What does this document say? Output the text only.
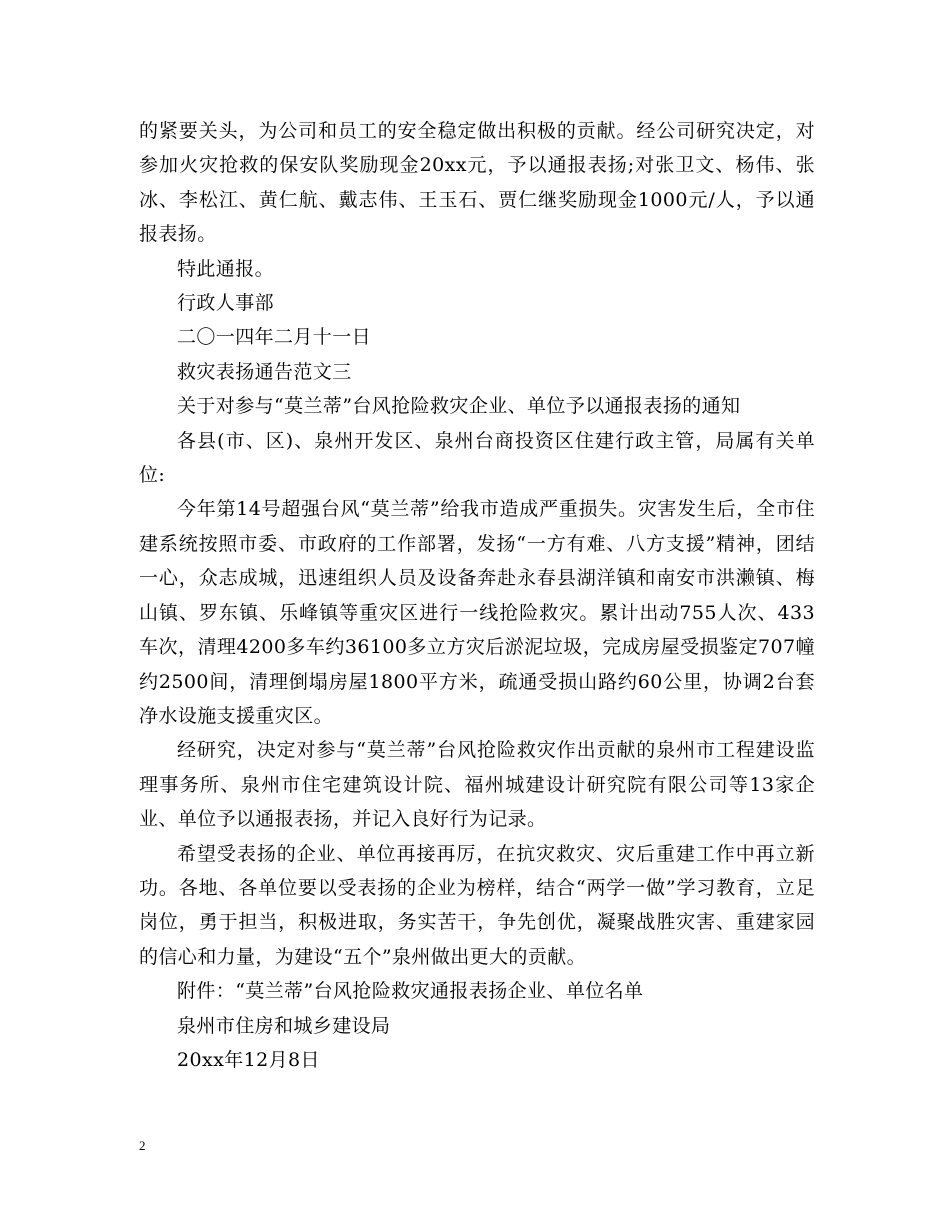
的紧要关头，为公司和员工的安全稳定做出积极的贡献。经公司研究决定，对参加火灾抢救的保安队奖励现金20xx元，予以通报表扬;对张卫文、杨伟、张冰、李松江、黄仁航、戴志伟、王玉石、贾仁继奖励现金1000元/人，予以通报表扬。

特此通报。

行政人事部

二〇一四年二月十一日

救灾表扬通告范文三

关于对参与“莫兰蒂”台风抢险救灾企业、单位予以通报表扬的通知

各县(市、区)、泉州开发区、泉州台商投资区住建行政主管，局属有关单位:

今年第14号超强台风“莫兰蒂”给我市造成严重损失。灾害发生后，全市住建系统按照市委、市政府的工作部署，发扬“一方有难、八方支援”精神，团结一心，众志成城，迅速组织人员及设备奔赴永春县湖洋镇和南安市洪濑镇、梅山镇、罗东镇、乐峰镇等重灾区进行一线抢险救灾。累计出动755人次、433车次，清理4200多车约36100多立方灾后淤泥垃圾，完成房屋受损鉴定707幢约2500间，清理倒塌房屋1800平方米，疏通受损山路约60公里，协调2台套净水设施支援重灾区。

经研究，决定对参与“莫兰蒂”台风抢险救灾作出贡献的泉州市工程建设监理事务所、泉州市住宅建筑设计院、福州城建设计研究院有限公司等13家企业、单位予以通报表扬，并记入良好行为记录。

希望受表扬的企业、单位再接再厉，在抗灾救灾、灾后重建工作中再立新功。各地、各单位要以受表扬的企业为榜样，结合“两学一做”学习教育，立足岗位，勇于担当，积极进取，务实苦干，争先创优，凝聚战胜灾害、重建家园的信心和力量，为建设“五个”泉州做出更大的贡献。

附件：“莫兰蒂”台风抢险救灾通报表扬企业、单位名单

泉州市住房和城乡建设局

20xx年12月8日

2
